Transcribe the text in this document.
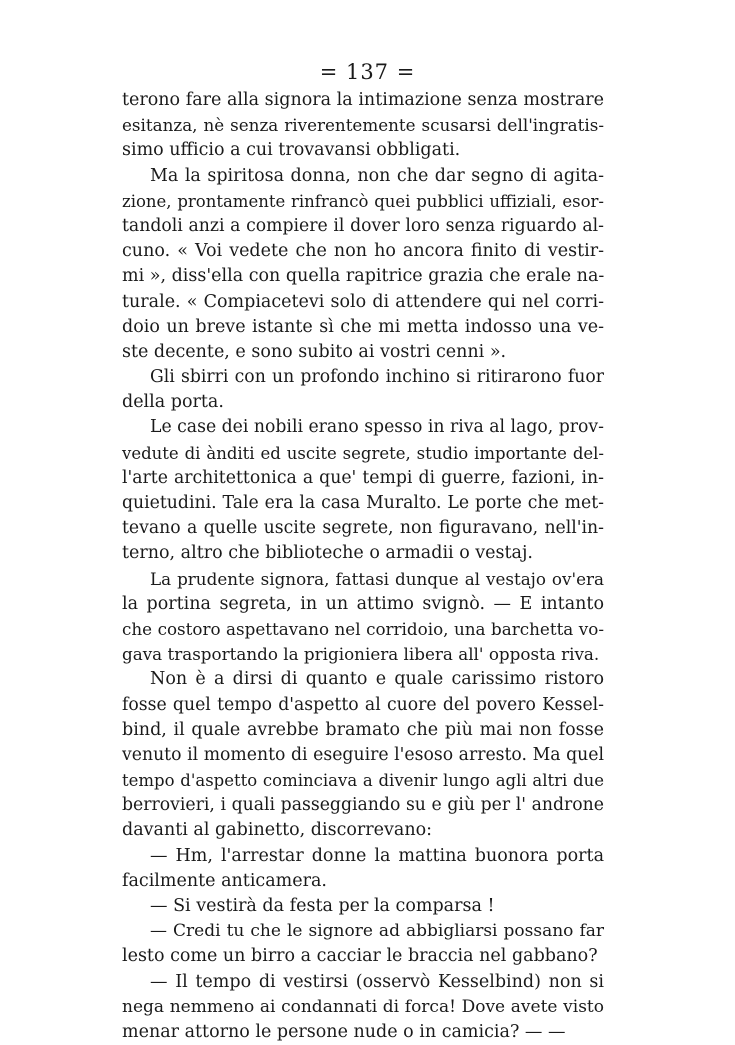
= 137 =
terono fare alla signora la intimazione senza mostrare
esitanza, nè senza riverentemente scusarsi dell'ingratis-
simo ufficio a cui trovavansi obbligati.
Ma la spiritosa donna, non che dar segno di agita-
zione, prontamente rinfrancò quei pubblici uffiziali, esor-
tandoli anzi a compiere il dover loro senza riguardo al-
cuno. « Voi vedete che non ho ancora finito di vestir-
mi », diss'ella con quella rapitrice grazia che erale na-
turale. « Compiacetevi solo di attendere qui nel corri-
doio un breve istante sì che mi metta indosso una ve-
ste decente, e sono subito ai vostri cenni ».
Gli sbirri con un profondo inchino si ritirarono fuor
della porta.
Le case dei nobili erano spesso in riva al lago, prov-
vedute di ànditi ed uscite segrete, studio importante del-
l'arte architettonica a que' tempi di guerre, fazioni, in-
quietudini. Tale era la casa Muralto. Le porte che met-
tevano a quelle uscite segrete, non figuravano, nell'in-
terno, altro che biblioteche o armadii o vestaj.
La prudente signora, fattasi dunque al vestajo ov'era
la portina segreta, in un attimo svignò. — E intanto
che costoro aspettavano nel corridoio, una barchetta vo-
gava trasportando la prigioniera libera all' opposta riva.
Non è a dirsi di quanto e quale carissimo ristoro
fosse quel tempo d'aspetto al cuore del povero Kessel-
bind, il quale avrebbe bramato che più mai non fosse
venuto il momento di eseguire l'esoso arresto. Ma quel
tempo d'aspetto cominciava a divenir lungo agli altri due
berrovieri, i quali passeggiando su e giù per l' androne
davanti al gabinetto, discorrevano:
— Hm, l'arrestar donne la mattina buonora porta
facilmente anticamera.
— Si vestirà da festa per la comparsa !
— Credi tu che le signore ad abbigliarsi possano far
lesto come un birro a cacciar le braccia nel gabbano?
— Il tempo di vestirsi (osservò Kesselbind) non si
nega nemmeno ai condannati di forca! Dove avete visto
menar attorno le persone nude o in camicia? — —
